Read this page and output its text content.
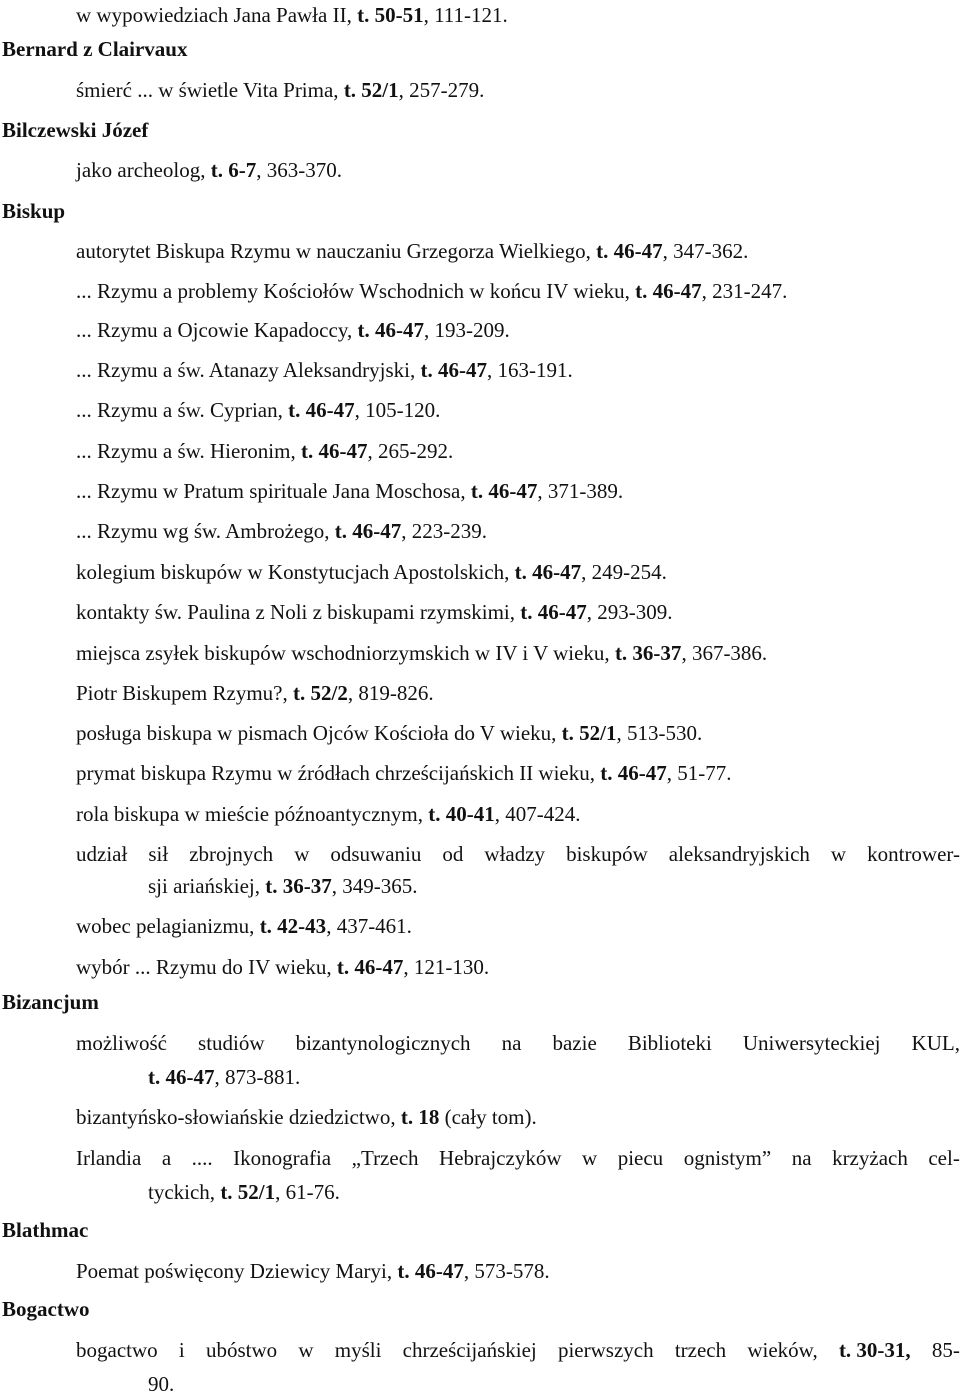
w wypowiedziach Jana Pawła II, t. 50-51, 111-121.
Bernard z Clairvaux
śmierć ... w świetle Vita Prima, t. 52/1, 257-279.
Bilczewski Józef
jako archeolog, t. 6-7, 363-370.
Biskup
autorytet Biskupa Rzymu w nauczaniu Grzegorza Wielkiego, t. 46-47, 347-362.
... Rzymu a problemy Kościołów Wschodnich w końcu IV wieku, t. 46-47, 231-247.
... Rzymu a Ojcowie Kapadoccy, t. 46-47, 193-209.
... Rzymu a św. Atanazy Aleksandryjski, t. 46-47, 163-191.
... Rzymu a św. Cyprian, t. 46-47, 105-120.
... Rzymu a św. Hieronim, t. 46-47, 265-292.
... Rzymu w Pratum spirituale Jana Moschosa, t. 46-47, 371-389.
... Rzymu wg św. Ambrożego, t. 46-47, 223-239.
kolegium biskupów w Konstytucjach Apostolskich, t. 46-47, 249-254.
kontakty św. Paulina z Noli z biskupami rzymskimi, t. 46-47, 293-309.
miejsca zsyłek biskupów wschodniorzymskich w IV i V wieku, t. 36-37, 367-386.
Piotr Biskupem Rzymu?, t. 52/2, 819-826.
posługa biskupa w pismach Ojców Kościoła do V wieku, t. 52/1, 513-530.
prymat biskupa Rzymu w źródłach chrześcijańskich II wieku, t. 46-47, 51-77.
rola biskupa w mieście późnoantycznym, t. 40-41, 407-424.
udział sił zbrojnych w odsuwaniu od władzy biskupów aleksandryjskich w kontrower-
sji ariańskiej, t. 36-37, 349-365.
wobec pelagianizmu, t. 42-43, 437-461.
wybór ... Rzymu do IV wieku, t. 46-47, 121-130.
Bizancjum
możliwość studiów bizantynologicznych na bazie Biblioteki Uniwersyteckiej KUL,
t. 46-47, 873-881.
bizantyńsko-słowiańskie dziedzictwo, t. 18 (cały tom).
Irlandia a .... Ikonografia „Trzech Hebrajczyków w piecu ognistym” na krzyżach cel-
tyckich, t. 52/1, 61-76.
Blathmac
Poemat poświęcony Dziewicy Maryi, t. 46-47, 573-578.
Bogactwo
bogactwo i ubóstwo w myśli chrześcijańskiej pierwszych trzech wieków, t. 30-31, 85-
90.
